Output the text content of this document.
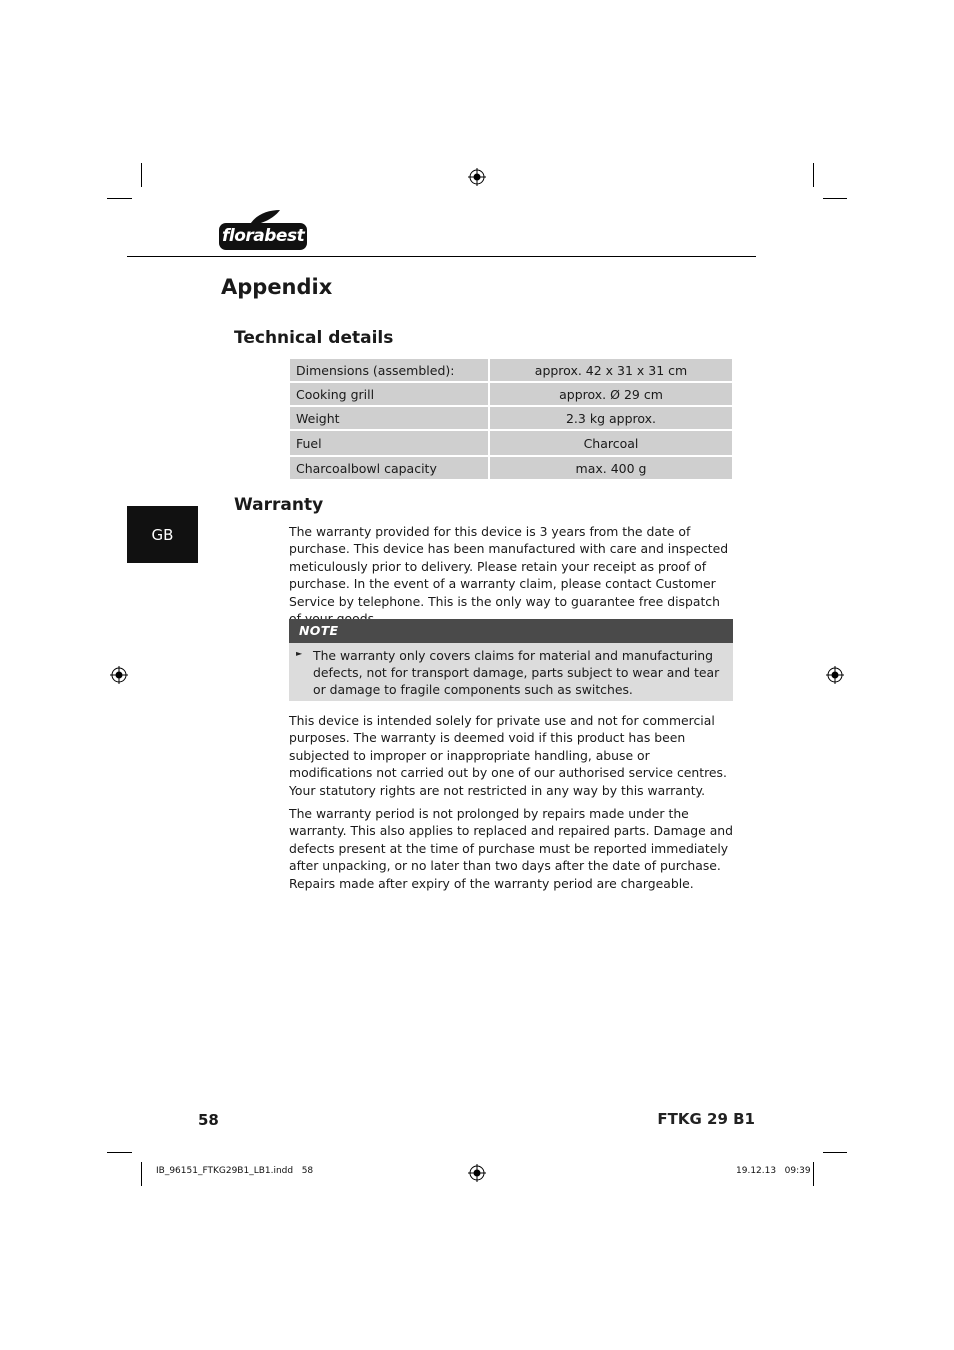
florabest
Appendix
Technical details
Dimensions (assembled):	approx. 42 x 31 x 31 cm
Cooking grill	approx. Ø 29 cm
Weight	2.3 kg approx.
Fuel	Charcoal
Charcoalbowl capacity	max. 400 g
GB
Warranty

The warranty provided for this device is 3 years from the date of purchase. This device has been manufactured with care and inspected meticulously prior to delivery. Please retain your receipt as proof of purchase. In the event of a warranty claim, please contact Customer Service by telephone. This is the only way to guarantee free dispatch

NOTE
► The warranty only covers claims for material and manufacturing defects, not for transport damage, parts subject to wear and tear or damage to fragile components such as switches.

This device is intended solely for private use and not for commercial purposes. The warranty is deemed void if this product has been subjected to improper or inappropriate handling, abuse or modifications not carried out by one of our authorised service centres. Your statutory rights are not restricted in any way by this warranty.

The warranty period is not prolonged by repairs made under the warranty. This also applies to replaced and repaired parts. Damage and defects present at the time of purchase must be reported immediately after unpacking, or no later than two days after the date of purchase. Repairs made after expiry of the warranty period are chargeable.

58	FTKG 29 B1
IB_96151_FTKG29B1_LB1.indd   58	19.12.13   09:39
